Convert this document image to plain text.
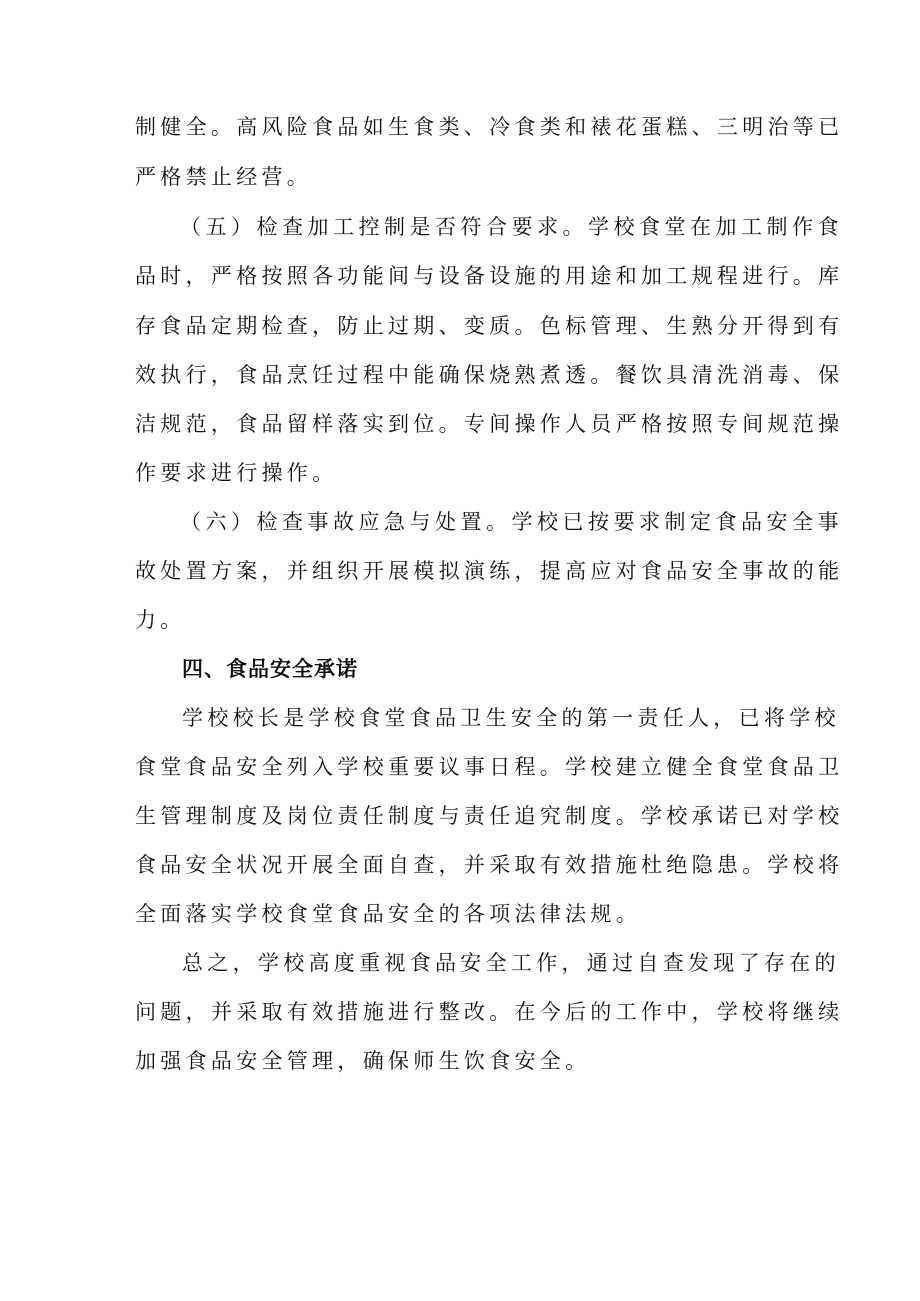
制健全。高风险食品如生食类、冷食类和裱花蛋糕、三明治等已
严格禁止经营。
（五）检查加工控制是否符合要求。学校食堂在加工制作食
品时，严格按照各功能间与设备设施的用途和加工规程进行。库
存食品定期检查，防止过期、变质。色标管理、生熟分开得到有
效执行，食品烹饪过程中能确保烧熟煮透。餐饮具清洗消毒、保
洁规范，食品留样落实到位。专间操作人员严格按照专间规范操
作要求进行操作。
（六）检查事故应急与处置。学校已按要求制定食品安全事
故处置方案，并组织开展模拟演练，提高应对食品安全事故的能
力。
四、食品安全承诺
学校校长是学校食堂食品卫生安全的第一责任人，已将学校
食堂食品安全列入学校重要议事日程。学校建立健全食堂食品卫
生管理制度及岗位责任制度与责任追究制度。学校承诺已对学校
食品安全状况开展全面自查，并采取有效措施杜绝隐患。学校将
全面落实学校食堂食品安全的各项法律法规。
总之，学校高度重视食品安全工作，通过自查发现了存在的
问题，并采取有效措施进行整改。在今后的工作中，学校将继续
加强食品安全管理，确保师生饮食安全。
